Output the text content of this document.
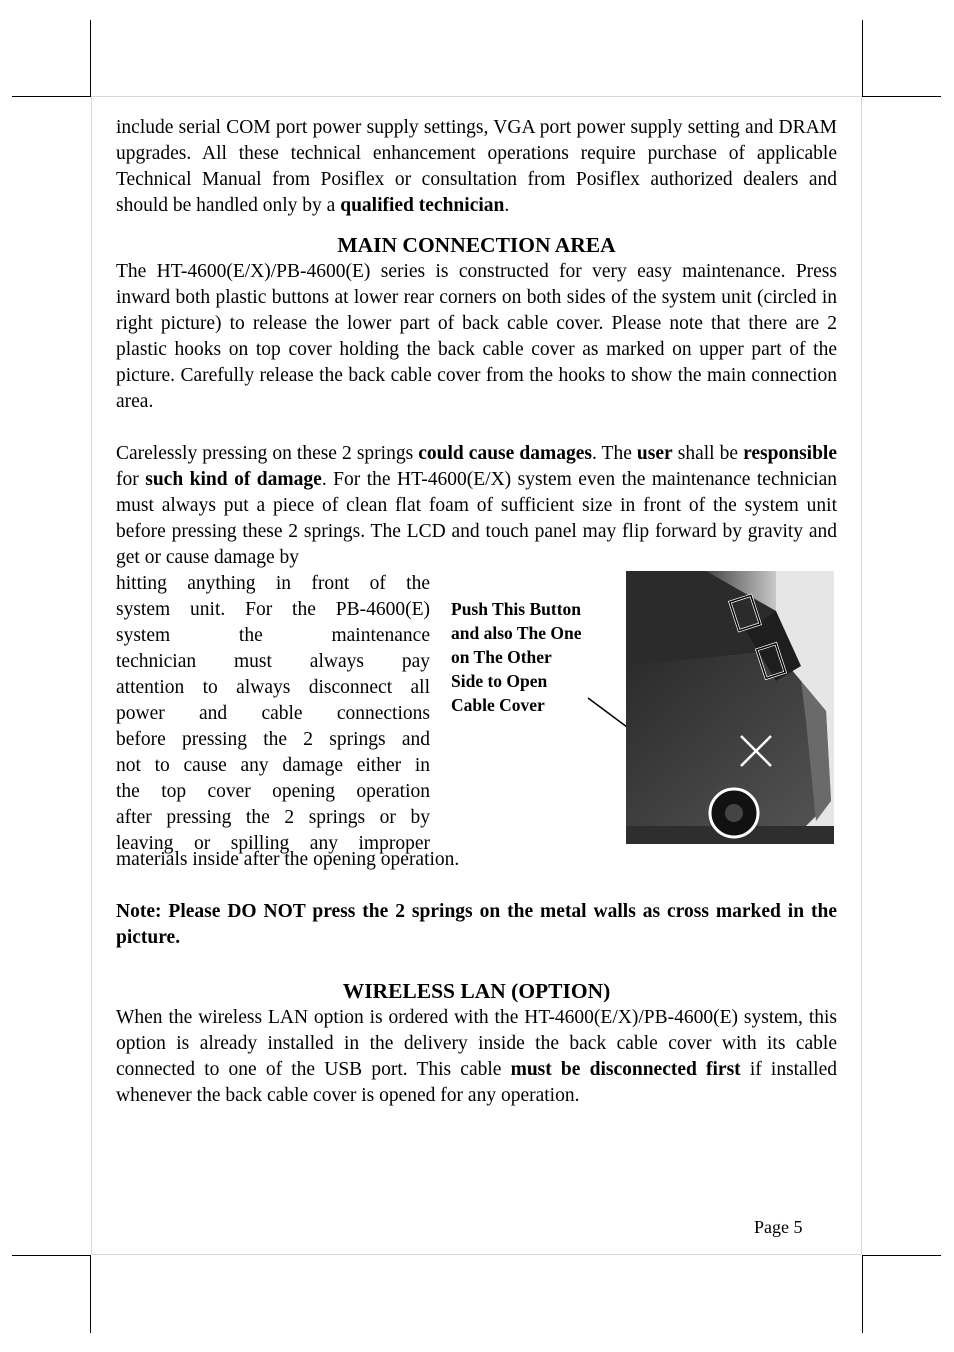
include serial COM port power supply settings, VGA port power supply setting and DRAM upgrades. All these technical enhancement operations require purchase of applicable Technical Manual from Posiflex or consultation from Posiflex authorized dealers and should be handled only by a qualified technician.

MAIN CONNECTION AREA

The HT-4600(E/X)/PB-4600(E) series is constructed for very easy maintenance. Press inward both plastic buttons at lower rear corners on both sides of the system unit (circled in right picture) to release the lower part of back cable cover. Please note that there are 2 plastic hooks on top cover holding the back cable cover as marked on upper part of the picture. Carefully release the back cable cover from the hooks to show the main connection area.

Carelessly pressing on these 2 springs could cause damages. The user shall be responsible for such kind of damage. For the HT-4600(E/X) system even the maintenance technician must always put a piece of clean flat foam of sufficient size in front of the system unit before pressing these 2 springs. The LCD and touch panel may flip forward by gravity and get or cause damage by

hitting anything in front of the

system unit. For the PB-4600(E)

system the maintenance

technician must always pay

attention to always disconnect all

power and cable connections

before pressing the 2 springs and

not to cause any damage either in

the top cover opening operation

after pressing the 2 springs or by

leaving or spilling any improper

Push This Button
and also The One
on The Other
Side to Open
Cable Cover

materials inside after the opening operation.

Note: Please DO NOT press the 2 springs on the metal walls as cross marked in the picture.

WIRELESS LAN (OPTION)

When the wireless LAN option is ordered with the HT-4600(E/X)/PB-4600(E) system, this option is already installed in the delivery inside the back cable cover with its cable connected to one of the USB port. This cable must be disconnected first if installed whenever the back cable cover is opened for any operation.

Page 5
